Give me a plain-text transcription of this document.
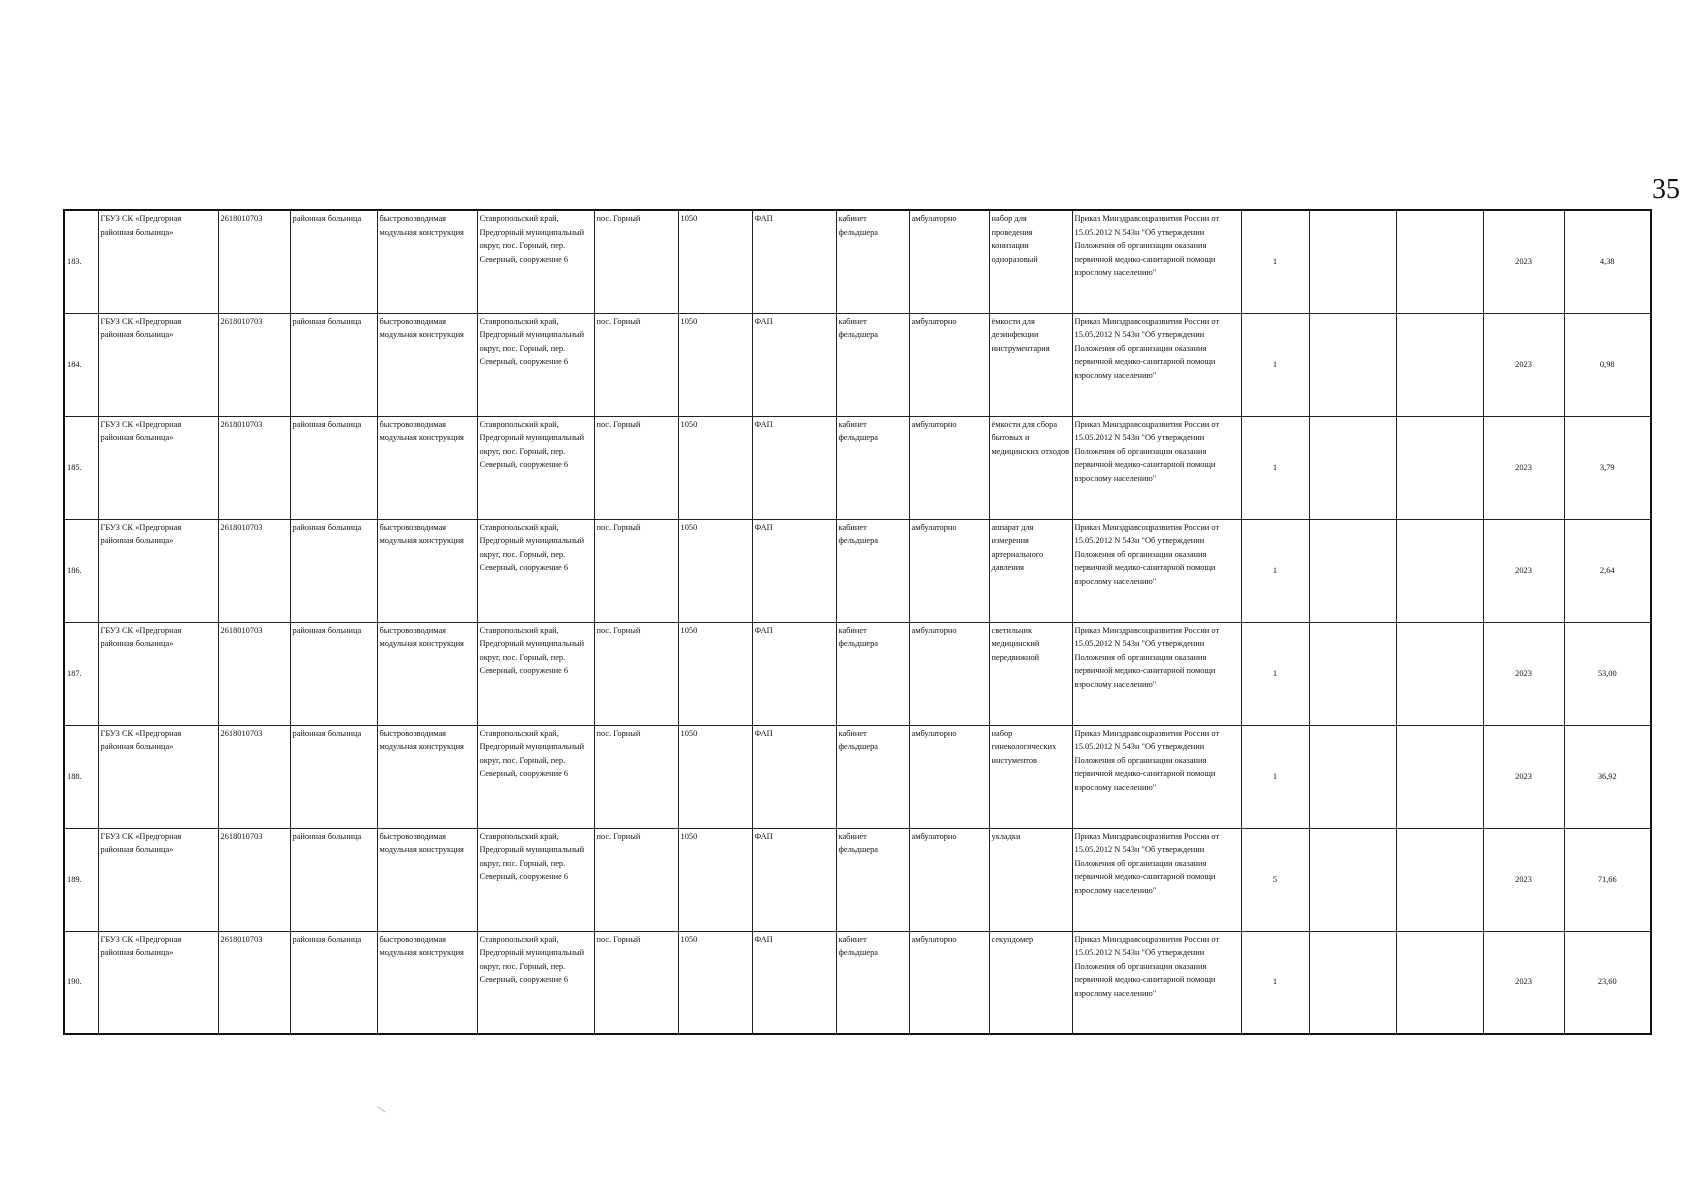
35
183.	ГБУЗ СК «Предгорная районная больница»	2618010703	районная больница	быстровозводимая модульная конструкция	Ставропольский край, Предгорный муниципальный округ, пос. Горный, пер. Северный, сооружение 6	пос. Горный	1050	ФАП	кабинет фельдшера	амбулаторно	набор для проведения конизации одноразовый	Приказ Минздравсоцразвития России от 15.05.2012 N 543н "Об утверждении Положения об организации оказания первичной медико-санитарной помощи взрослому населению"	1			2023	4,38
184.	ГБУЗ СК «Предгорная районная больница»	2618010703	районная больница	быстровозводимая модульная конструкция	Ставропольский край, Предгорный муниципальный округ, пос. Горный, пер. Северный, сооружение 6	пос. Горный	1050	ФАП	кабинет фельдшера	амбулаторно	ёмкости для дезинфекции инструментария	Приказ Минздравсоцразвития России от 15.05.2012 N 543н "Об утверждении Положения об организации оказания первичной медико-санитарной помощи взрослому населению"	1			2023	0,98
185.	ГБУЗ СК «Предгорная районная больница»	2618010703	районная больница	быстровозводимая модульная конструкция	Ставропольский край, Предгорный муниципальный округ, пос. Горный, пер. Северный, сооружение 6	пос. Горный	1050	ФАП	кабинет фельдшера	амбулаторно	ёмкости для сбора бытовых и медицинских отходов	Приказ Минздравсоцразвития России от 15.05.2012 N 543н "Об утверждении Положения об организации оказания первичной медико-санитарной помощи взрослому населению"	1			2023	3,79
186.	ГБУЗ СК «Предгорная районная больница»	2618010703	районная больница	быстровозводимая модульная конструкция	Ставропольский край, Предгорный муниципальный округ, пос. Горный, пер. Северный, сооружение 6	пос. Горный	1050	ФАП	кабинет фельдшера	амбулаторно	аппарат для измерения артериального давления	Приказ Минздравсоцразвития России от 15.05.2012 N 543н "Об утверждении Положения об организации оказания первичной медико-санитарной помощи взрослому населению"	1			2023	2,64
187.	ГБУЗ СК «Предгорная районная больница»	2618010703	районная больница	быстровозводимая модульная конструкция	Ставропольский край, Предгорный муниципальный округ, пос. Горный, пер. Северный, сооружение 6	пос. Горный	1050	ФАП	кабинет фельдшера	амбулаторно	светильник медицинский передвижной	Приказ Минздравсоцразвития России от 15.05.2012 N 543н "Об утверждении Положения об организации оказания первичной медико-санитарной помощи взрослому населению"	1			2023	53,00
188.	ГБУЗ СК «Предгорная районная больница»	2618010703	районная больница	быстровозводимая модульная конструкция	Ставропольский край, Предгорный муниципальный округ, пос. Горный, пер. Северный, сооружение 6	пос. Горный	1050	ФАП	кабинет фельдшера	амбулаторно	набор гинекологических инстументов	Приказ Минздравсоцразвития России от 15.05.2012 N 543н "Об утверждении Положения об организации оказания первичной медико-санитарной помощи взрослому населению"	1			2023	36,92
189.	ГБУЗ СК «Предгорная районная больница»	2618010703	районная больница	быстровозводимая модульная конструкция	Ставропольский край, Предгорный муниципальный округ, пос. Горный, пер. Северный, сооружение 6	пос. Горный	1050	ФАП	кабинет фельдшера	амбулаторно	укладки	Приказ Минздравсоцразвития России от 15.05.2012 N 543н "Об утверждении Положения об организации оказания первичной медико-санитарной помощи взрослому населению"	5			2023	71,66
190.	ГБУЗ СК «Предгорная районная больница»	2618010703	районная больница	быстровозводимая модульная конструкция	Ставропольский край, Предгорный муниципальный округ, пос. Горный, пер. Северный, сооружение 6	пос. Горный	1050	ФАП	кабинет фельдшера	амбулаторно	секундомер	Приказ Минздравсоцразвития России от 15.05.2012 N 543н "Об утверждении Положения об организации оказания первичной медико-санитарной помощи взрослому населению"	1			2023	23,60
